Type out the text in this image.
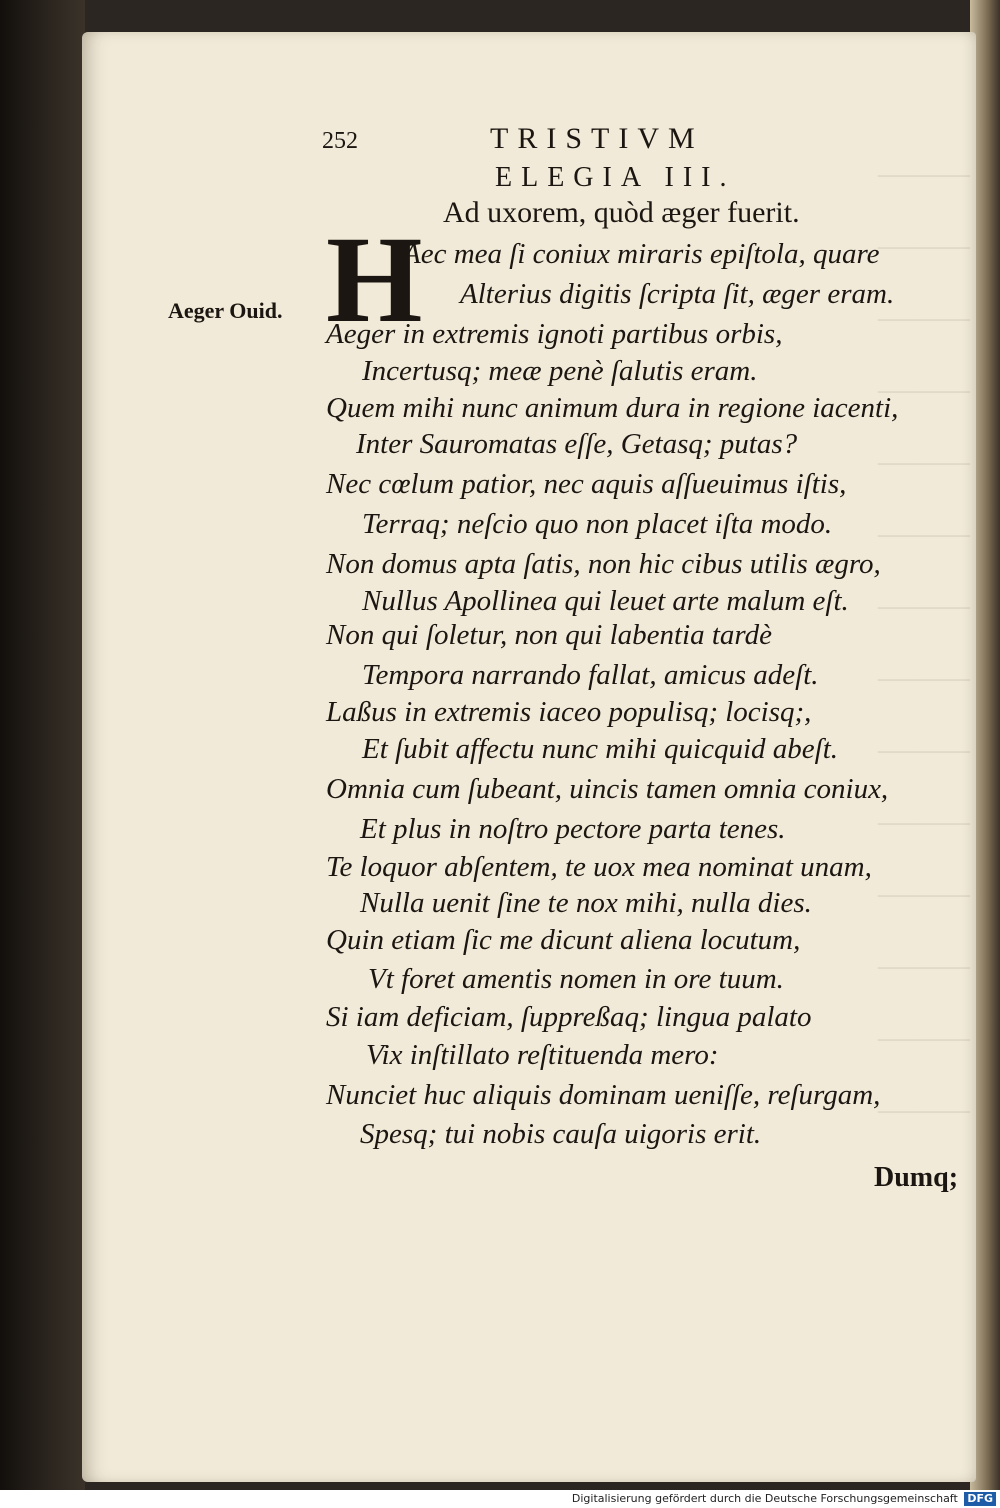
252	TRISTIVM
ELEGIA III.
Ad uxorem, quòd æger fuerit.
H
Aeger Ouid.
Aec mea ſi coniux miraris epiſtola, quare
Alterius digitis ſcripta ſit, æger eram.
Aeger in extremis ignoti partibus orbis,
Incertusq; meæ penè ſalutis eram.
Quem mihi nunc animum dura in regione iacenti,
Inter Sauromatas eſſe, Getasq; putas?
Nec cœlum patior, nec aquis aſſueuimus iſtis,
Terraq; neſcio quo non placet iſta modo.
Non domus apta ſatis, non hic cibus utilis ægro,
Nullus Apollinea qui leuet arte malum eſt.
Non qui ſoletur, non qui labentia tardè
Tempora narrando fallat, amicus adeſt.
Laßus in extremis iaceo populisq; locisq;,
Et ſubit affectu nunc mihi quicquid abeſt.
Omnia cum ſubeant, uincis tamen omnia coniux,
Et plus in noſtro pectore parta tenes.
Te loquor abſentem, te uox mea nominat unam,
Nulla uenit ſine te nox mihi, nulla dies.
Quin etiam ſic me dicunt aliena locutum,
Vt foret amentis nomen in ore tuum.
Si iam deficiam, ſuppreßaq; lingua palato
Vix inſtillato reſtituenda mero:
Nunciet huc aliquis dominam ueniſſe, reſurgam,
Spesq; tui nobis cauſa uigoris erit.
Dumq;
Digitalisierung gefördert durch die Deutsche Forschungsgemeinschaft DFG
